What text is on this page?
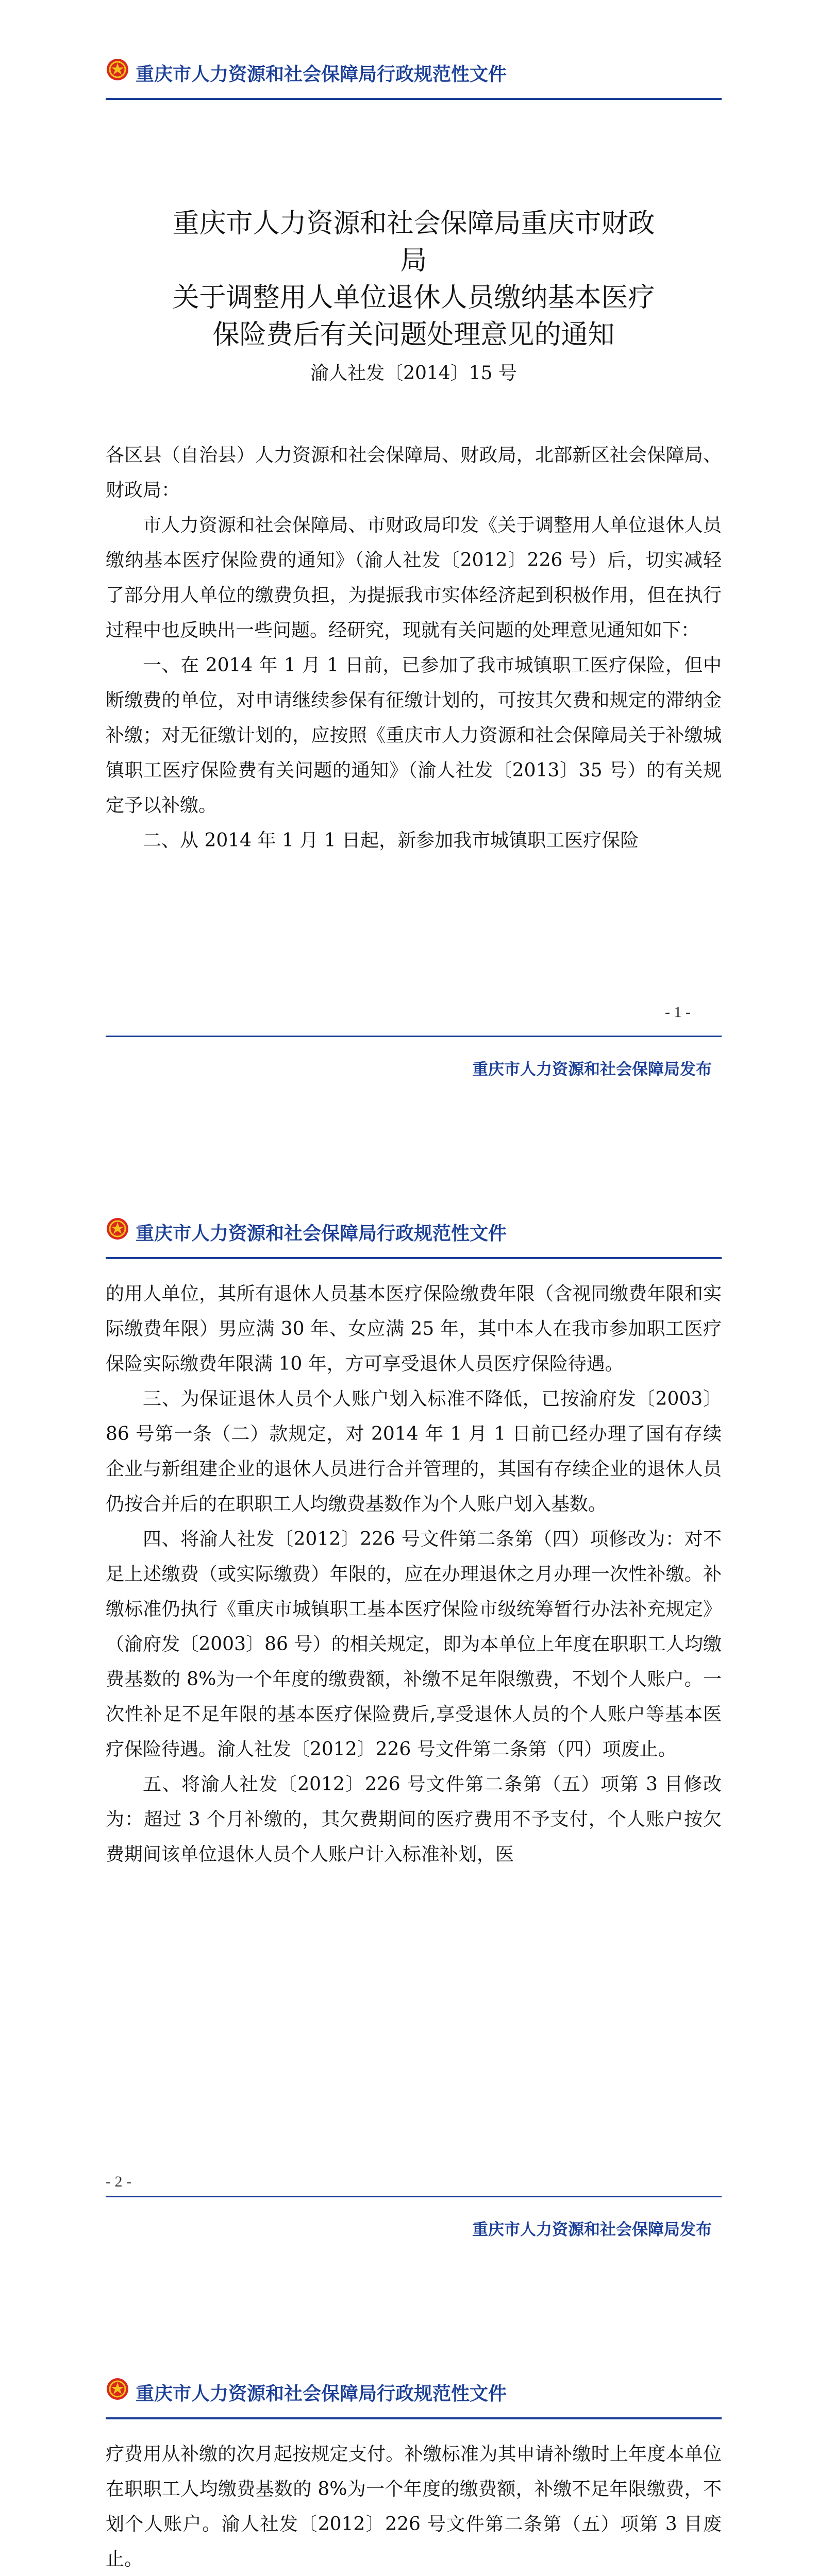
重庆市人力资源和社会保障局行政规范性文件
重庆市人力资源和社会保障局重庆市财政
局
关于调整用人单位退休人员缴纳基本医疗
保险费后有关问题处理意见的通知
渝人社发〔2014〕15 号

各区县（自治县）人力资源和社会保障局、财政局，北部新区社会保障局、财政局：

市人力资源和社会保障局、市财政局印发《关于调整用人单位退休人员缴纳基本医疗保险费的通知》（渝人社发〔2012〕226 号）后，切实减轻了部分用人单位的缴费负担，为提振我市实体经济起到积极作用，但在执行过程中也反映出一些问题。经研究，现就有关问题的处理意见通知如下：

一、在 2014 年 1 月 1 日前，已参加了我市城镇职工医疗保险，但中断缴费的单位，对申请继续参保有征缴计划的，可按其欠费和规定的滞纳金补缴；对无征缴计划的，应按照《重庆市人力资源和社会保障局关于补缴城镇职工医疗保险费有关问题的通知》（渝人社发〔2013〕35 号）的有关规定予以补缴。

二、从 2014 年 1 月 1 日起，新参加我市城镇职工医疗保险

- 1 -
重庆市人力资源和社会保障局发布
重庆市人力资源和社会保障局行政规范性文件

的用人单位，其所有退休人员基本医疗保险缴费年限（含视同缴费年限和实际缴费年限）男应满 30 年、女应满 25 年，其中本人在我市参加职工医疗保险实际缴费年限满 10 年，方可享受退休人员医疗保险待遇。

三、为保证退休人员个人账户划入标准不降低，已按渝府发〔2003〕86 号第一条（二）款规定，对 2014 年 1 月 1 日前已经办理了国有存续企业与新组建企业的退休人员进行合并管理的，其国有存续企业的退休人员仍按合并后的在职职工人均缴费基数作为个人账户划入基数。

四、将渝人社发〔2012〕226 号文件第二条第（四）项修改为：对不足上述缴费（或实际缴费）年限的，应在办理退休之月办理一次性补缴。补缴标准仍执行《重庆市城镇职工基本医疗保险市级统筹暂行办法补充规定》（渝府发〔2003〕86 号）的相关规定，即为本单位上年度在职职工人均缴费基数的 8%为一个年度的缴费额，补缴不足年限缴费，不划个人账户。一次性补足不足年限的基本医疗保险费后,享受退休人员的个人账户等基本医疗保险待遇。渝人社发〔2012〕226 号文件第二条第（四）项废止。

五、将渝人社发〔2012〕226 号文件第二条第（五）项第 3 目修改为：超过 3 个月补缴的，其欠费期间的医疗费用不予支付，个人账户按欠费期间该单位退休人员个人账户计入标准补划，医

- 2 -
重庆市人力资源和社会保障局发布
重庆市人力资源和社会保障局行政规范性文件

疗费用从补缴的次月起按规定支付。补缴标准为其申请补缴时上年度本单位在职职工人均缴费基数的 8%为一个年度的缴费额，补缴不足年限缴费，不划个人账户。渝人社发〔2012〕226 号文件第二条第（五）项第 3 目废止。
